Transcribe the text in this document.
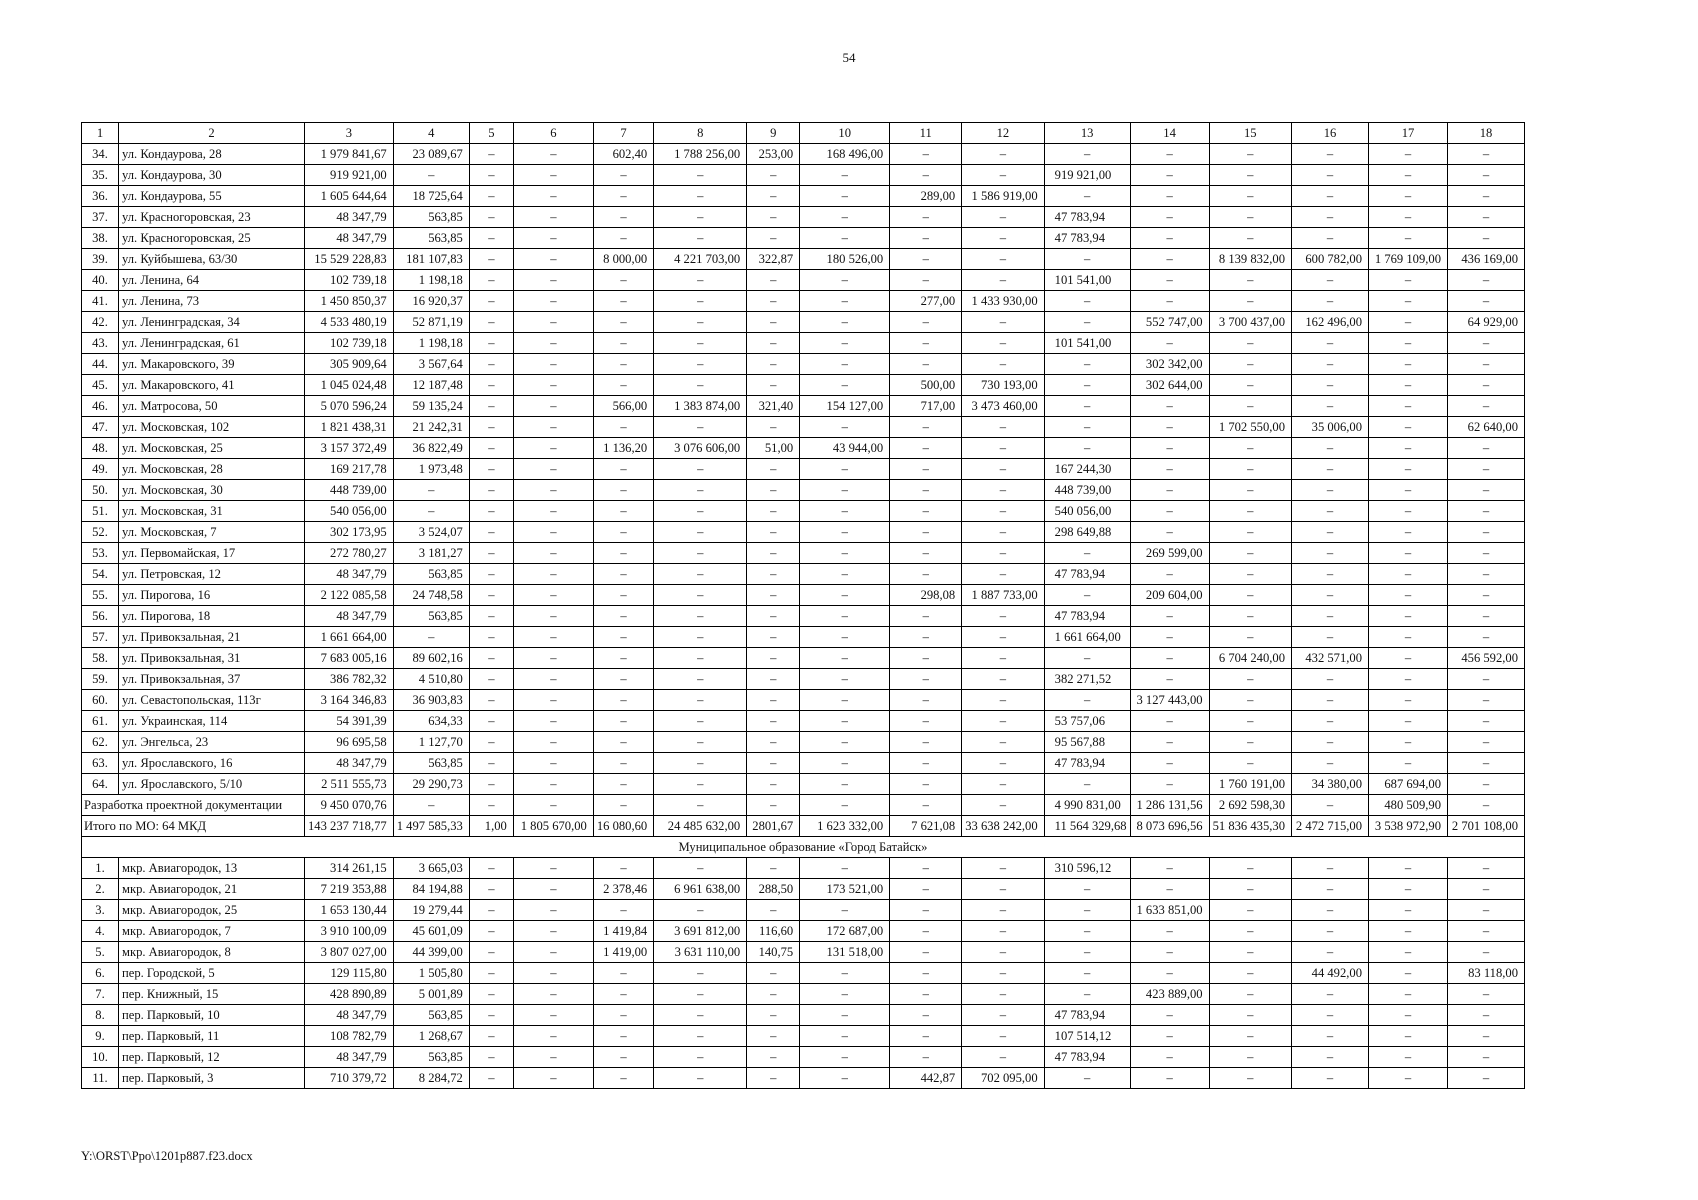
54
1	2	3	4	5	6	7	8	9	10	11	12	13	14	15	16	17	18
34.	ул. Кондаурова, 28	1 979 841,67	23 089,67	–	–	602,40	1 788 256,00	253,00	168 496,00	–	–	–	–	–	–	–	–
35.	ул. Кондаурова, 30	919 921,00	–	–	–	–	–	–	–	–	–	919 921,00	–	–	–	–	–
36.	ул. Кондаурова, 55	1 605 644,64	18 725,64	–	–	–	–	–	–	289,00	1 586 919,00	–	–	–	–	–	–
37.	ул. Красногоровская, 23	48 347,79	563,85	–	–	–	–	–	–	–	–	47 783,94	–	–	–	–	–
38.	ул. Красногоровская, 25	48 347,79	563,85	–	–	–	–	–	–	–	–	47 783,94	–	–	–	–	–
39.	ул. Куйбышева, 63/30	15 529 228,83	181 107,83	–	–	8 000,00	4 221 703,00	322,87	180 526,00	–	–	–	–	8 139 832,00	600 782,00	1 769 109,00	436 169,00
40.	ул. Ленина, 64	102 739,18	1 198,18	–	–	–	–	–	–	–	–	101 541,00	–	–	–	–	–
41.	ул. Ленина, 73	1 450 850,37	16 920,37	–	–	–	–	–	–	277,00	1 433 930,00	–	–	–	–	–	–
42.	ул. Ленинградская, 34	4 533 480,19	52 871,19	–	–	–	–	–	–	–	–	–	552 747,00	3 700 437,00	162 496,00	–	64 929,00
43.	ул. Ленинградская, 61	102 739,18	1 198,18	–	–	–	–	–	–	–	–	101 541,00	–	–	–	–	–
44.	ул. Макаровского, 39	305 909,64	3 567,64	–	–	–	–	–	–	–	–	–	302 342,00	–	–	–	–
45.	ул. Макаровского, 41	1 045 024,48	12 187,48	–	–	–	–	–	–	500,00	730 193,00	–	302 644,00	–	–	–	–
46.	ул. Матросова, 50	5 070 596,24	59 135,24	–	–	566,00	1 383 874,00	321,40	154 127,00	717,00	3 473 460,00	–	–	–	–	–	–
47.	ул. Московская, 102	1 821 438,31	21 242,31	–	–	–	–	–	–	–	–	–	–	1 702 550,00	35 006,00	–	62 640,00
48.	ул. Московская, 25	3 157 372,49	36 822,49	–	–	1 136,20	3 076 606,00	51,00	43 944,00	–	–	–	–	–	–	–	–
49.	ул. Московская, 28	169 217,78	1 973,48	–	–	–	–	–	–	–	–	167 244,30	–	–	–	–	–
50.	ул. Московская, 30	448 739,00	–	–	–	–	–	–	–	–	–	448 739,00	–	–	–	–	–
51.	ул. Московская, 31	540 056,00	–	–	–	–	–	–	–	–	–	540 056,00	–	–	–	–	–
52.	ул. Московская, 7	302 173,95	3 524,07	–	–	–	–	–	–	–	–	298 649,88	–	–	–	–	–
53.	ул. Первомайская, 17	272 780,27	3 181,27	–	–	–	–	–	–	–	–	–	269 599,00	–	–	–	–
54.	ул. Петровская, 12	48 347,79	563,85	–	–	–	–	–	–	–	–	47 783,94	–	–	–	–	–
55.	ул. Пирогова, 16	2 122 085,58	24 748,58	–	–	–	–	–	–	298,08	1 887 733,00	–	209 604,00	–	–	–	–
56.	ул. Пирогова, 18	48 347,79	563,85	–	–	–	–	–	–	–	–	47 783,94	–	–	–	–	–
57.	ул. Привокзальная, 21	1 661 664,00	–	–	–	–	–	–	–	–	–	1 661 664,00	–	–	–	–	–
58.	ул. Привокзальная, 31	7 683 005,16	89 602,16	–	–	–	–	–	–	–	–	–	–	6 704 240,00	432 571,00	–	456 592,00
59.	ул. Привокзальная, 37	386 782,32	4 510,80	–	–	–	–	–	–	–	–	382 271,52	–	–	–	–	–
60.	ул. Севастопольская, 113г	3 164 346,83	36 903,83	–	–	–	–	–	–	–	–	–	3 127 443,00	–	–	–	–
61.	ул. Украинская, 114	54 391,39	634,33	–	–	–	–	–	–	–	–	53 757,06	–	–	–	–	–
62.	ул. Энгельса, 23	96 695,58	1 127,70	–	–	–	–	–	–	–	–	95 567,88	–	–	–	–	–
63.	ул. Ярославского, 16	48 347,79	563,85	–	–	–	–	–	–	–	–	47 783,94	–	–	–	–	–
64.	ул. Ярославского, 5/10	2 511 555,73	29 290,73	–	–	–	–	–	–	–	–	–	–	1 760 191,00	34 380,00	687 694,00	–
Разработка проектной документации		9 450 070,76	–	–	–	–	–	–	–	–	–	4 990 831,00	1 286 131,56	2 692 598,30	–	480 509,90	–
Итого по МО: 64 МКД		143 237 718,77	1 497 585,33	1,00	1 805 670,00	16 080,60	24 485 632,00	2801,67	1 623 332,00	7 621,08	33 638 242,00	11 564 329,68	8 073 696,56	51 836 435,30	2 472 715,00	3 538 972,90	2 701 108,00
Муниципальное образование «Город Батайск»																	
1.	мкр. Авиагородок, 13	314 261,15	3 665,03	–	–	–	–	–	–	–	–	310 596,12	–	–	–	–	–
2.	мкр. Авиагородок, 21	7 219 353,88	84 194,88	–	–	2 378,46	6 961 638,00	288,50	173 521,00	–	–	–	–	–	–	–	–
3.	мкр. Авиагородок, 25	1 653 130,44	19 279,44	–	–	–	–	–	–	–	–	–	1 633 851,00	–	–	–	–
4.	мкр. Авиагородок, 7	3 910 100,09	45 601,09	–	–	1 419,84	3 691 812,00	116,60	172 687,00	–	–	–	–	–	–	–	–
5.	мкр. Авиагородок, 8	3 807 027,00	44 399,00	–	–	1 419,00	3 631 110,00	140,75	131 518,00	–	–	–	–	–	–	–	–
6.	пер. Городской, 5	129 115,80	1 505,80	–	–	–	–	–	–	–	–	–	–	–	44 492,00	–	83 118,00
7.	пер. Книжный, 15	428 890,89	5 001,89	–	–	–	–	–	–	–	–	–	423 889,00	–	–	–	–
8.	пер. Парковый, 10	48 347,79	563,85	–	–	–	–	–	–	–	–	47 783,94	–	–	–	–	–
9.	пер. Парковый, 11	108 782,79	1 268,67	–	–	–	–	–	–	–	–	107 514,12	–	–	–	–	–
10.	пер. Парковый, 12	48 347,79	563,85	–	–	–	–	–	–	–	–	47 783,94	–	–	–	–	–
11.	пер. Парковый, 3	710 379,72	8 284,72	–	–	–	–	–	–	442,87	702 095,00	–	–	–	–	–	–
Y:\ORST\Ppo\1201p887.f23.docx
